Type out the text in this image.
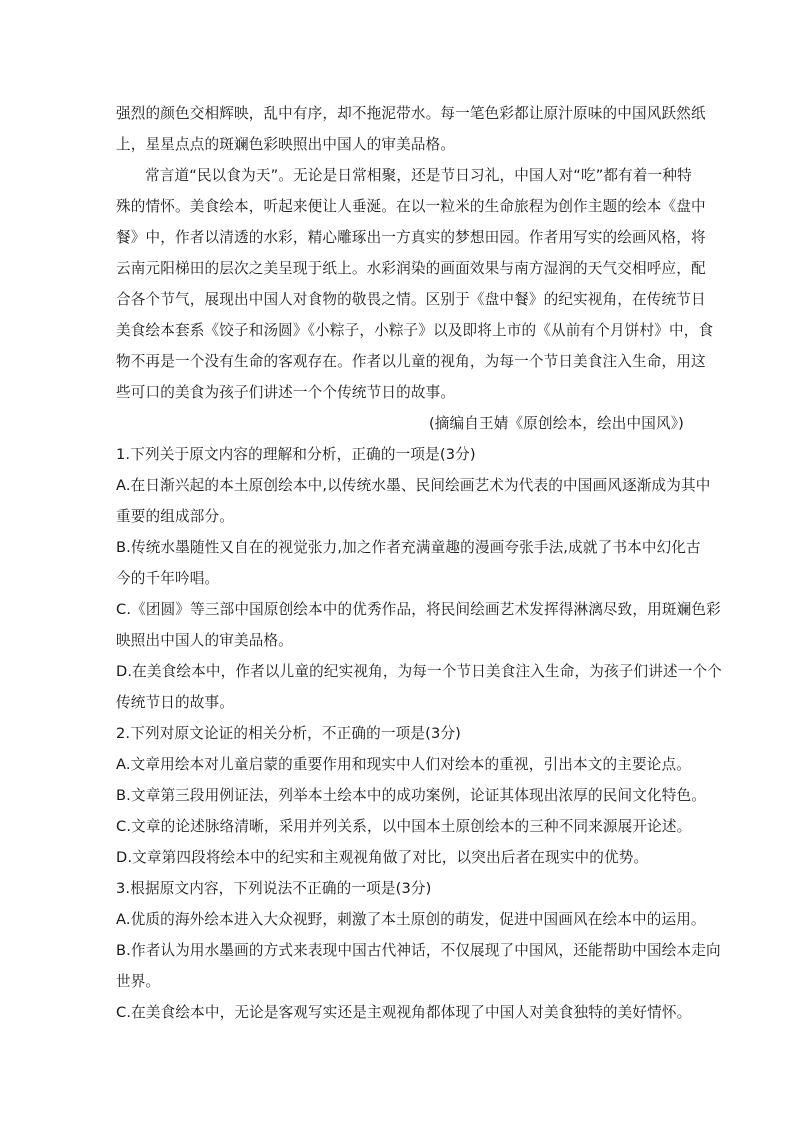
强烈的颜色交相辉映，乱中有序，却不拖泥带水。每一笔色彩都让原汁原味的中国风跃然纸
上，星星点点的斑斓色彩映照出中国人的审美品格。
常言道“民以食为天”。无论是日常相聚，还是节日习礼，中国人对“吃”都有着一种特
殊的情怀。美食绘本，听起来便让人垂涎。在以一粒米的生命旅程为创作主题的绘本《盘中
餐》中，作者以清透的水彩，精心雕琢出一方真实的梦想田园。作者用写实的绘画风格，将
云南元阳梯田的层次之美呈现于纸上。水彩润染的画面效果与南方湿润的天气交相呼应，配
合各个节气，展现出中国人对食物的敬畏之情。区别于《盘中餐》的纪实视角，在传统节日
美食绘本套系《饺子和汤圆》《小粽子，小粽子》以及即将上市的《从前有个月饼村》中，食
物不再是一个没有生命的客观存在。作者以儿童的视角，为每一个节日美食注入生命，用这
些可口的美食为孩子们讲述一个个传统节日的故事。
(摘编自王婧《原创绘本，绘出中国风》)
1.下列关于原文内容的理解和分析，正确的一项是(3分)
A.在日渐兴起的本土原创绘本中,以传统水墨、民间绘画艺术为代表的中国画风逐渐成为其中
重要的组成部分。
B.传统水墨随性又自在的视觉张力,加之作者充满童趣的漫画夸张手法,成就了书本中幻化古
今的千年吟唱。
C.《团圆》等三部中国原创绘本中的优秀作品，将民间绘画艺术发挥得淋漓尽致，用斑斓色彩
映照出中国人的审美品格。
D.在美食绘本中，作者以儿童的纪实视角，为每一个节日美食注入生命，为孩子们讲述一个个
传统节日的故事。
2.下列对原文论证的相关分析，不正确的一项是(3分)
A.文章用绘本对儿童启蒙的重要作用和现实中人们对绘本的重视，引出本文的主要论点。
B.文章第三段用例证法，列举本土绘本中的成功案例，论证其体现出浓厚的民间文化特色。
C.文章的论述脉络清晰，采用并列关系，以中国本土原创绘本的三种不同来源展开论述。
D.文章第四段将绘本中的纪实和主观视角做了对比，以突出后者在现实中的优势。
3.根据原文内容，下列说法不正确的一项是(3分)
A.优质的海外绘本进入大众视野，刺激了本土原创的萌发，促进中国画风在绘本中的运用。
B.作者认为用水墨画的方式来表现中国古代神话，不仅展现了中国风，还能帮助中国绘本走向
世界。
C.在美食绘本中，无论是客观写实还是主观视角都体现了中国人对美食独特的美好情怀。
